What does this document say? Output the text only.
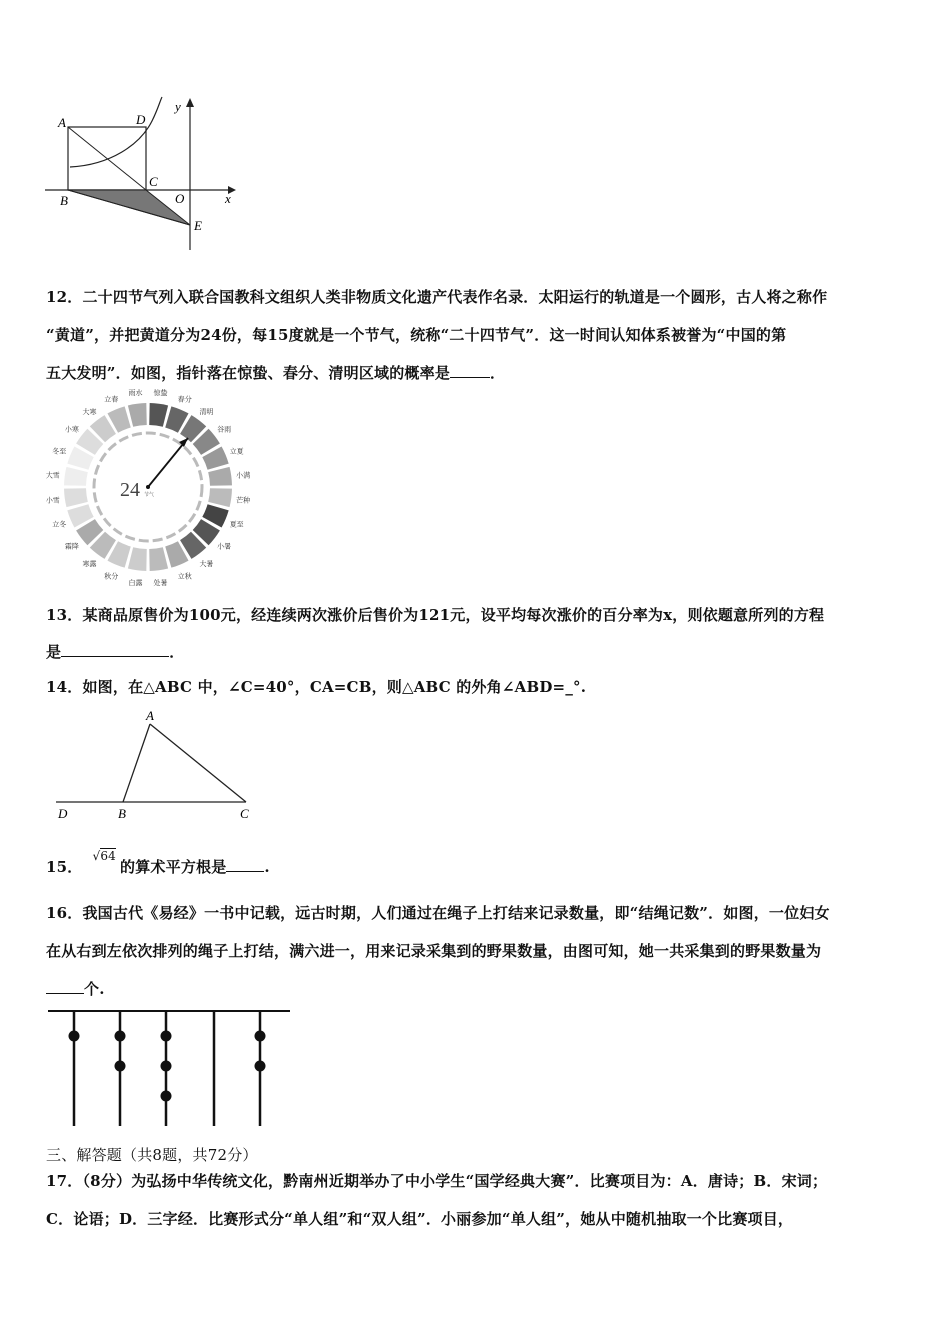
A	D
C
B	O
E
x
y
12．二十四节气列入联合国教科文组织人类非物质文化遗产代表作名录．太阳运行的轨道是一个圆形，古人将之称作
“黄道”，并把黄道分为24份，每15度就是一个节气，统称“二十四节气”．这一时间认知体系被誉为“中国的第
五大发明”．如图，指针落在惊蛰、春分、清明区域的概率是	．
立春
雨水 惊蛰
春分
清明
谷雨
立夏
小满
芒种
夏至
小暑
大暑
立秋
处暑
白露
秋分
寒露
霜降
立冬
小雪
大雪
冬至
小寒
大寒
24 节气
13．某商品原售价为100元，经连续两次涨价后售价为121元，设平均每次涨价的百分率为x，则依题意所列的方程
是	．
14．如图，在△ABC 中，∠C=40°，CA=CB，则△ABC 的外角∠ABD=_°.
A
B	C
D
15．√64的算术平方根是	.
16．我国古代《易经》一书中记载，远古时期，人们通过在绳子上打结来记录数量，即“结绳记数”．如图，一位妇女
在从右到左依次排列的绳子上打结，满六进一，用来记录采集到的野果数量，由图可知，她一共采集到的野果数量为
个.
三、解答题（共8题，共72分）
17．（8分）为弘扬中华传统文化，黔南州近期举办了中小学生“国学经典大赛”．比赛项目为：A．唐诗；B．宋词；
C．论语；D．三字经．比赛形式分“单人组”和“双人组”．小丽参加“单人组”，她从中随机抽取一个比赛项目，
